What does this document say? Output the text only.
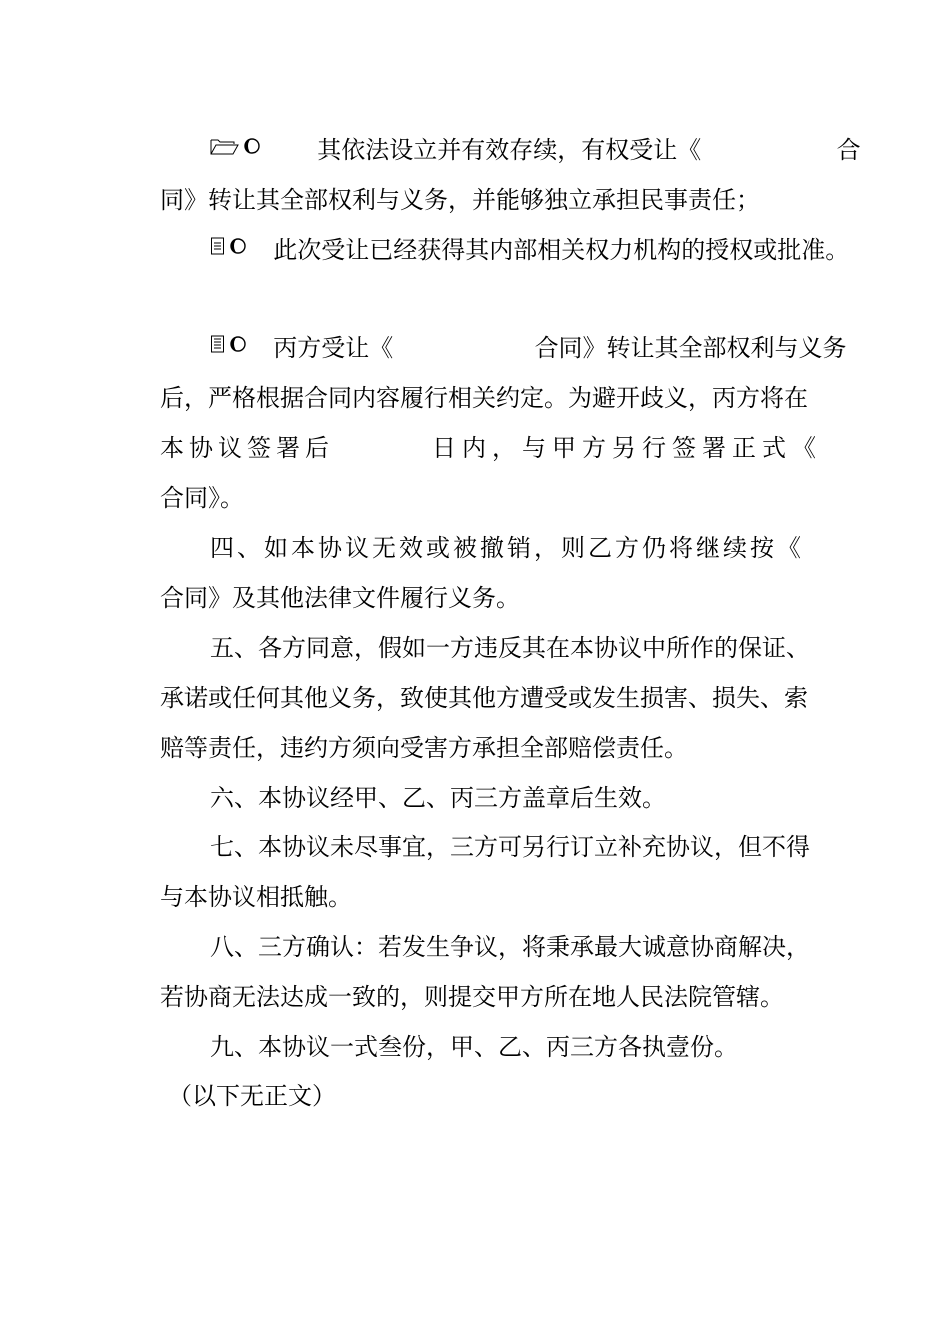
其依法设立并有效存续，有权受让《	合
同》转让其全部权利与义务，并能够独立承担民事责任；
此次受让已经获得其内部相关权力机构的授权或批准。
丙方受让《	合同》转让其全部权利与义务
后，严格根据合同内容履行相关约定。为避开歧义，丙方将在
本协议签署后	日内，与甲方另行签署正式《
合同》。
四、如本协议无效或被撤销，则乙方仍将继续按《
合同》及其他法律文件履行义务。
五、各方同意，假如一方违反其在本协议中所作的保证、
承诺或任何其他义务，致使其他方遭受或发生损害、损失、索
赔等责任，违约方须向受害方承担全部赔偿责任。
六、本协议经甲、乙、丙三方盖章后生效。
七、本协议未尽事宜，三方可另行订立补充协议，但不得
与本协议相抵触。
八、三方确认：若发生争议，将秉承最大诚意协商解决，
若协商无法达成一致的，则提交甲方所在地人民法院管辖。
九、本协议一式叁份，甲、乙、丙三方各执壹份。
（以下无正文）
